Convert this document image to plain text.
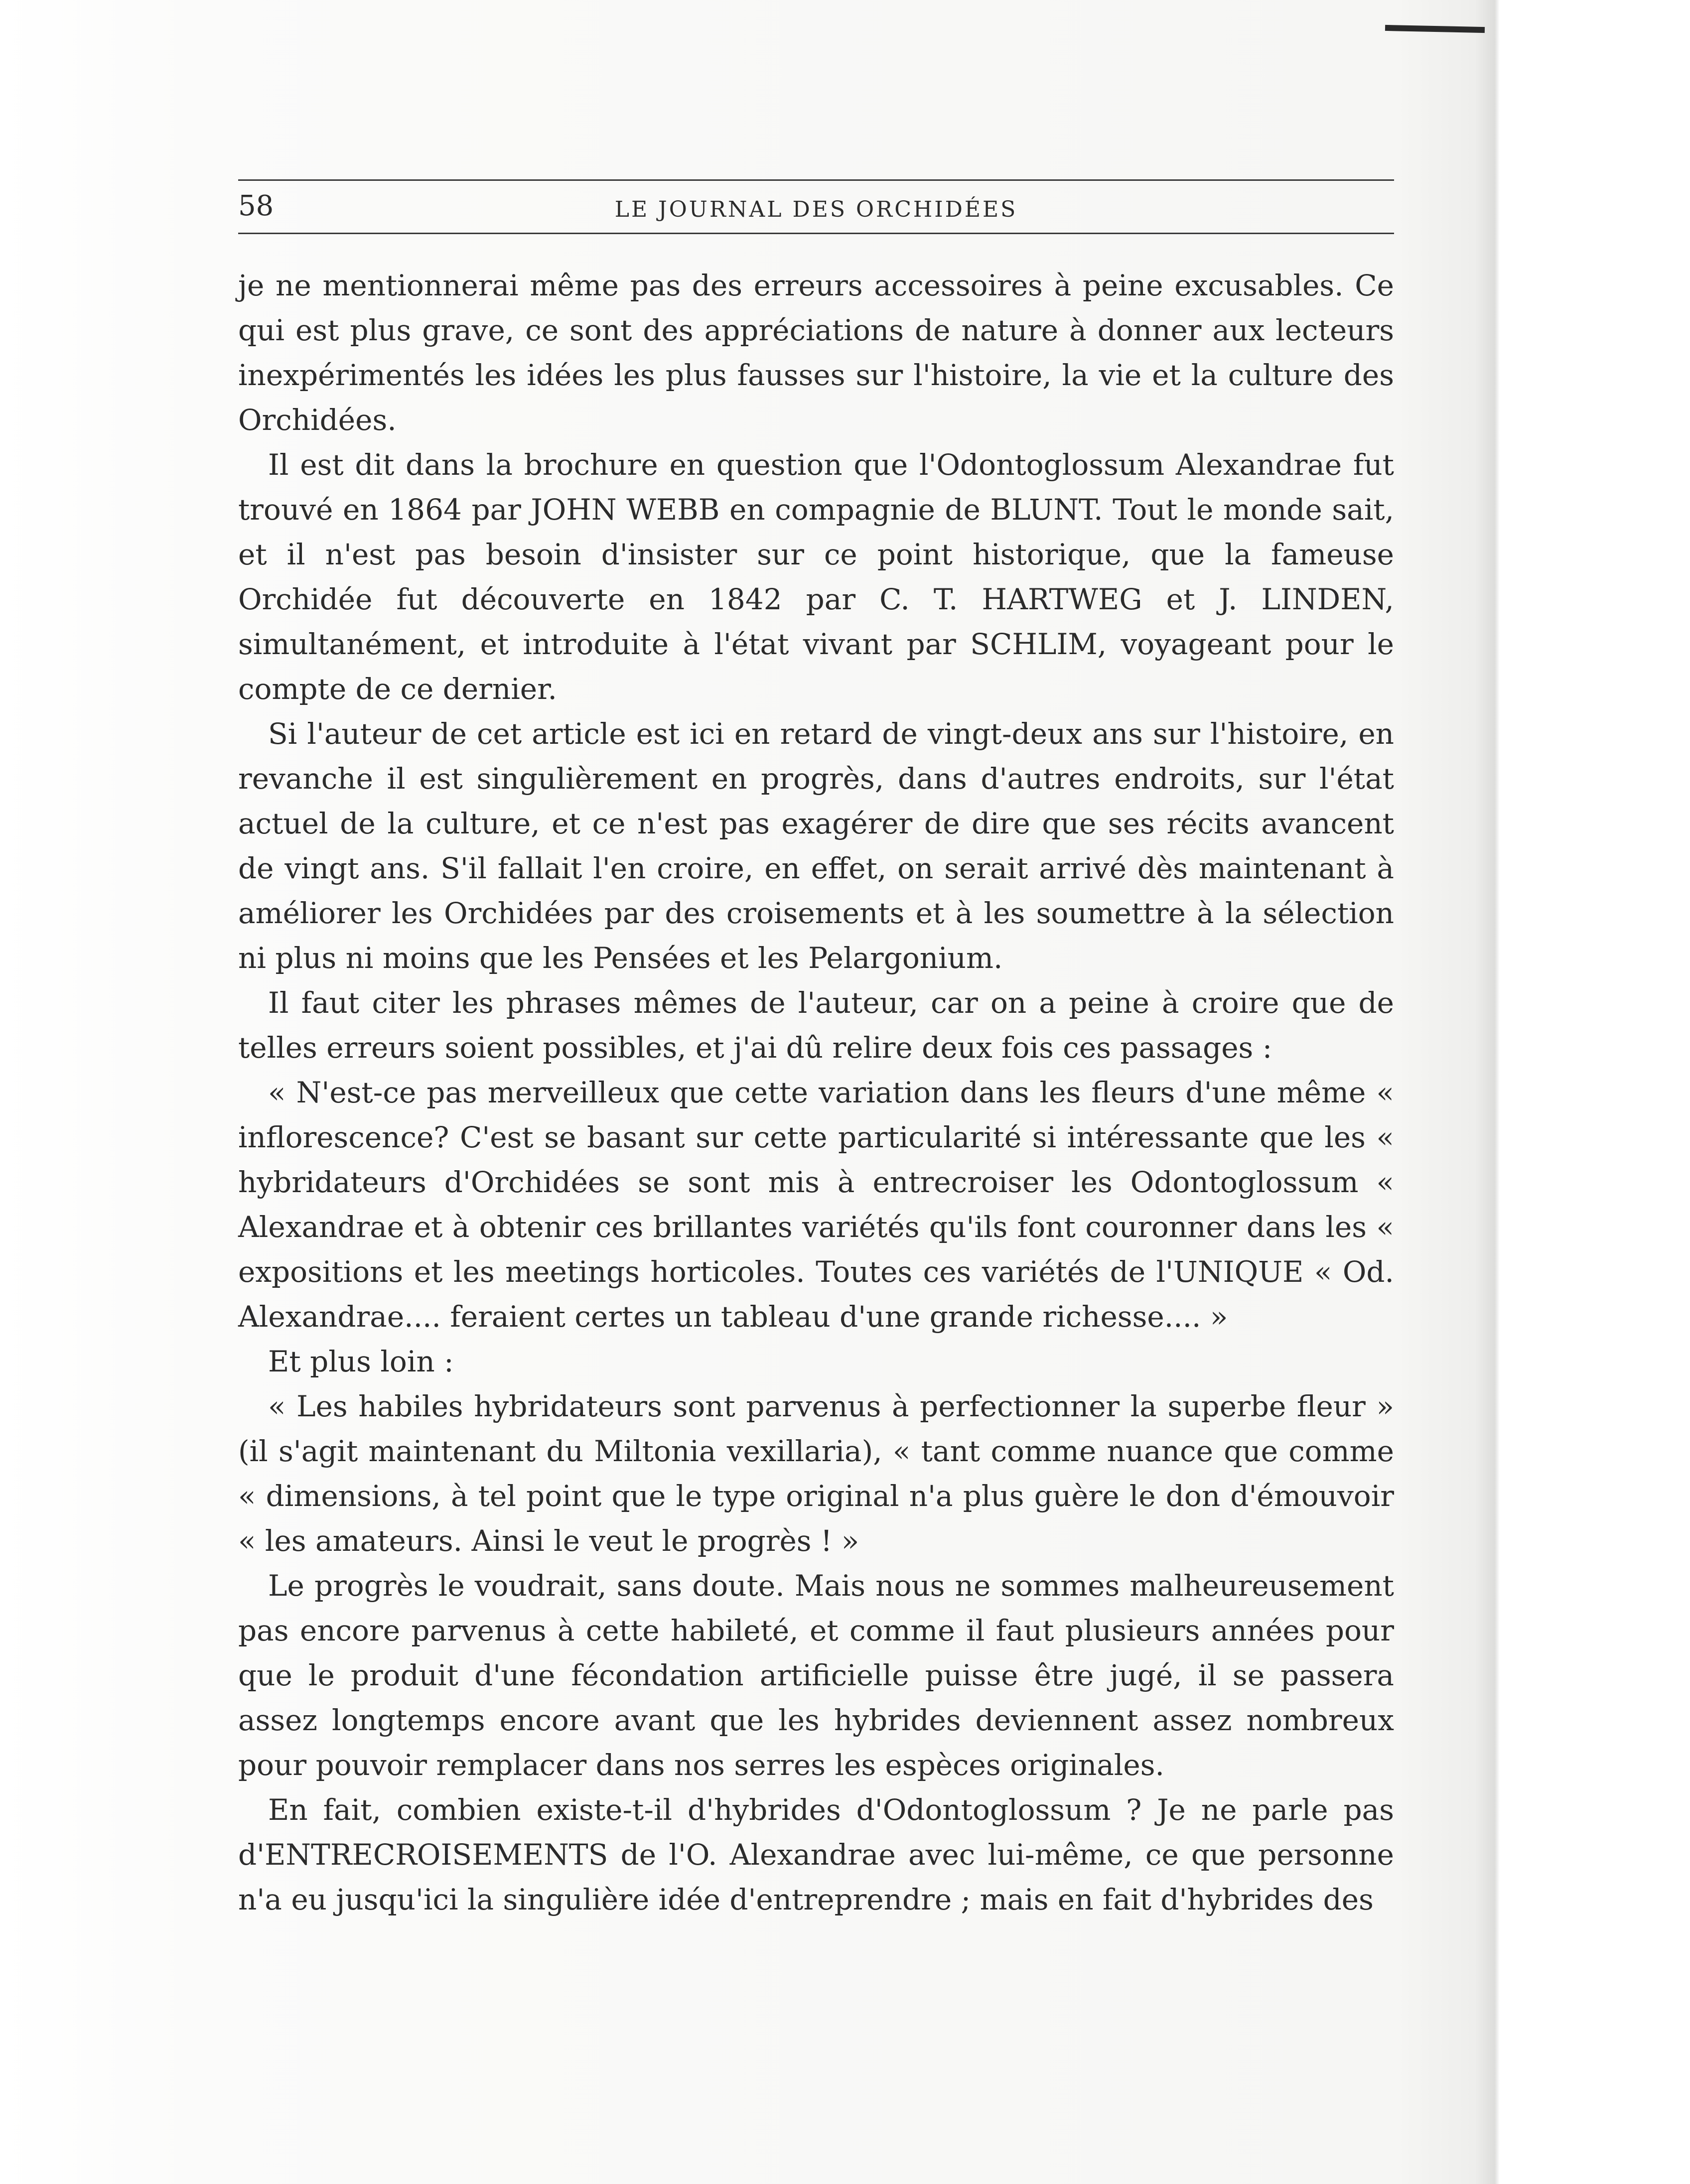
58	LE JOURNAL DES ORCHIDÉES

je ne mentionnerai même pas des erreurs accessoires à peine excusables. Ce qui est plus grave, ce sont des appréciations de nature à donner aux lecteurs inexpérimentés les idées les plus fausses sur l'histoire, la vie et la culture des Orchidées.

Il est dit dans la brochure en question que l'Odontoglossum Alexandrae fut trouvé en 1864 par JOHN WEBB en compagnie de BLUNT. Tout le monde sait, et il n'est pas besoin d'insister sur ce point historique, que la fameuse Orchidée fut découverte en 1842 par C. T. HARTWEG et J. LINDEN, simultanément, et introduite à l'état vivant par SCHLIM, voyageant pour le compte de ce dernier.

Si l'auteur de cet article est ici en retard de vingt-deux ans sur l'histoire, en revanche il est singulièrement en progrès, dans d'autres endroits, sur l'état actuel de la culture, et ce n'est pas exagérer de dire que ses récits avancent de vingt ans. S'il fallait l'en croire, en effet, on serait arrivé dès maintenant à améliorer les Orchidées par des croisements et à les soumettre à la sélection ni plus ni moins que les Pensées et les Pelargonium.

Il faut citer les phrases mêmes de l'auteur, car on a peine à croire que de telles erreurs soient possibles, et j'ai dû relire deux fois ces passages :

« N'est-ce pas merveilleux que cette variation dans les fleurs d'une même « inflorescence? C'est se basant sur cette particularité si intéressante que les « hybridateurs d'Orchidées se sont mis à entrecroiser les Odontoglossum « Alexandrae et à obtenir ces brillantes variétés qu'ils font couronner dans les « expositions et les meetings horticoles. Toutes ces variétés de l'UNIQUE « Od. Alexandrae.... feraient certes un tableau d'une grande richesse.... »

Et plus loin :

« Les habiles hybridateurs sont parvenus à perfectionner la superbe fleur » (il s'agit maintenant du Miltonia vexillaria), « tant comme nuance que comme « dimensions, à tel point que le type original n'a plus guère le don d'émouvoir « les amateurs. Ainsi le veut le progrès ! »

Le progrès le voudrait, sans doute. Mais nous ne sommes malheureusement pas encore parvenus à cette habileté, et comme il faut plusieurs années pour que le produit d'une fécondation artificielle puisse être jugé, il se passera assez longtemps encore avant que les hybrides deviennent assez nombreux pour pouvoir remplacer dans nos serres les espèces originales.

En fait, combien existe-t-il d'hybrides d'Odontoglossum ? Je ne parle pas d'ENTRECROISEMENTS de l'O. Alexandrae avec lui-même, ce que personne n'a eu jusqu'ici la singulière idée d'entreprendre ; mais en fait d'hybrides des
